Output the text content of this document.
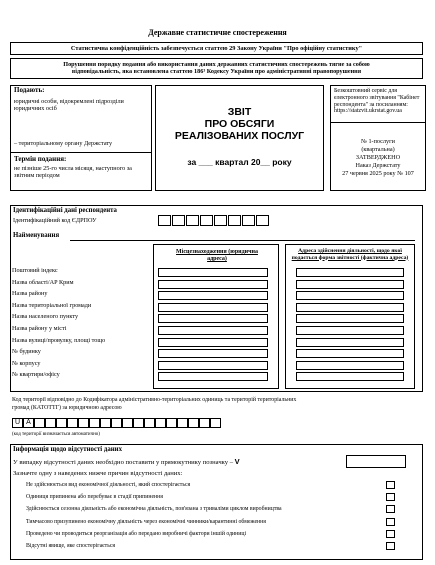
Державне статистичне спостереження
Статистична конфіденційність забезпечується статтею 29 Закону України "Про офіційну статистику"
Порушення порядку подання або використання даних державних статистичних спостережень тягне за собою відповідальність, яка встановлена статтею 186³ Кодексу України про адміністративні правопорушення
Подають:
юридичні особи, відокремлені підрозділи юридичних осіб
– територіальному органу Держстату
Термін подання:
не пізніше 25-го числа місяця, наступного за звітним періодом
ЗВІТ
ПРО ОБСЯГИ
РЕАЛІЗОВАНИХ ПОСЛУГ
за ___ квартал 20__ року
Безкоштовний сервіс для електронного звітування "Кабінет респондента" за посиланням: https://statzvit.ukrstat.gov.ua
№ 1-послуги
(квартальна)
ЗАТВЕРДЖЕНО
Наказ Держстату
27 червня 2025 року № 107
Ідентифікаційні дані респондента
Ідентифікаційний код ЄДРПОУ
Найменування
Місцезнаходження (юридична адреса)
Адреса здійснення діяльності, щодо якої подається форма звітності (фактична адреса)
Поштовий індекс
Назва області/АР Крим
Назва району
Назва територіальної громади
Назва населеного пункту
Назва району у місті
Назва вулиці/провулку, площі тощо
№ будинку
№ корпусу
№ квартири/офісу
Код території відповідно до Кодифікатора адміністративно-територіальних одиниць та територій територіальних громад (КАТОТТГ) за юридичною адресою
U A
(код території визначається автоматично)
Інформація щодо відсутності даних
У випадку відсутності даних необхідно поставити у прямокутнику позначку – V
Зазначте одну з наведених нижче причин відсутності даних:
Не здійснюється вид економічної діяльності, який спостерігається
Одиниця припинена або перебуває в стадії припинення
Здійснюється сезонна діяльність або економічна діяльність, пов'язана з триваліми циклом виробництва
Тимчасово призупинено економічну діяльність через економічні чинники/карантинні обмеження
Проведено чи проводиться реорганізація або передано виробничі фактори іншій одиниці
Відсутні явище, яке спостерігається
